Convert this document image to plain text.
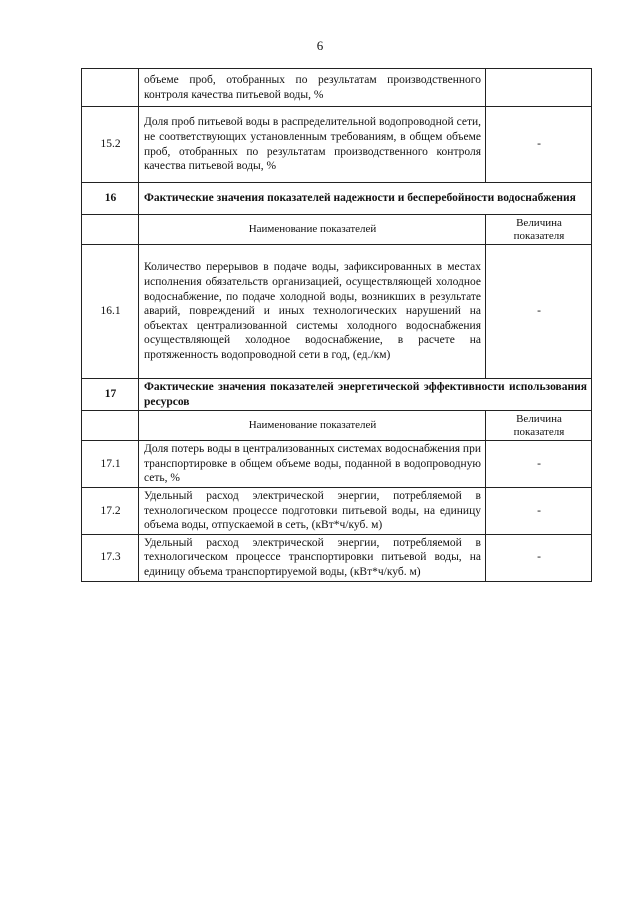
6
	объеме проб, отобранных по результатам производственного контроля качества питьевой воды, %	
15.2	Доля проб питьевой воды в распределительной водопроводной сети, не соответствующих установленным требованиям, в общем объеме проб, отобранных по результатам производственного контроля качества питьевой воды, %	-
16	Фактические значения показателей надежности и бесперебойности водоснабжения	
	Наименование показателей	Величина показателя
16.1	Количество перерывов в подаче воды, зафиксированных в местах исполнения обязательств организацией, осуществляющей холодное водоснабжение, по подаче холодной воды, возникших в результате аварий, повреждений и иных технологических нарушений на объектах централизованной системы холодного водоснабжения осуществляющей холодное водоснабжение, в расчете на протяженность водопроводной сети в год, (ед./км)	-
17	Фактические значения показателей энергетической эффективности использования ресурсов	
	Наименование показателей	Величина показателя
17.1	Доля потерь воды в централизованных системах водоснабжения при транспортировке в общем объеме воды, поданной в водопроводную сеть, %	-
17.2	Удельный расход электрической энергии, потребляемой в технологическом процессе подготовки питьевой воды, на единицу объема воды, отпускаемой в сеть, (кВт*ч/куб. м)	-
17.3	Удельный расход электрической энергии, потребляемой в технологическом процессе транспортировки питьевой воды, на единицу объема транспортируемой воды, (кВт*ч/куб. м)	-
